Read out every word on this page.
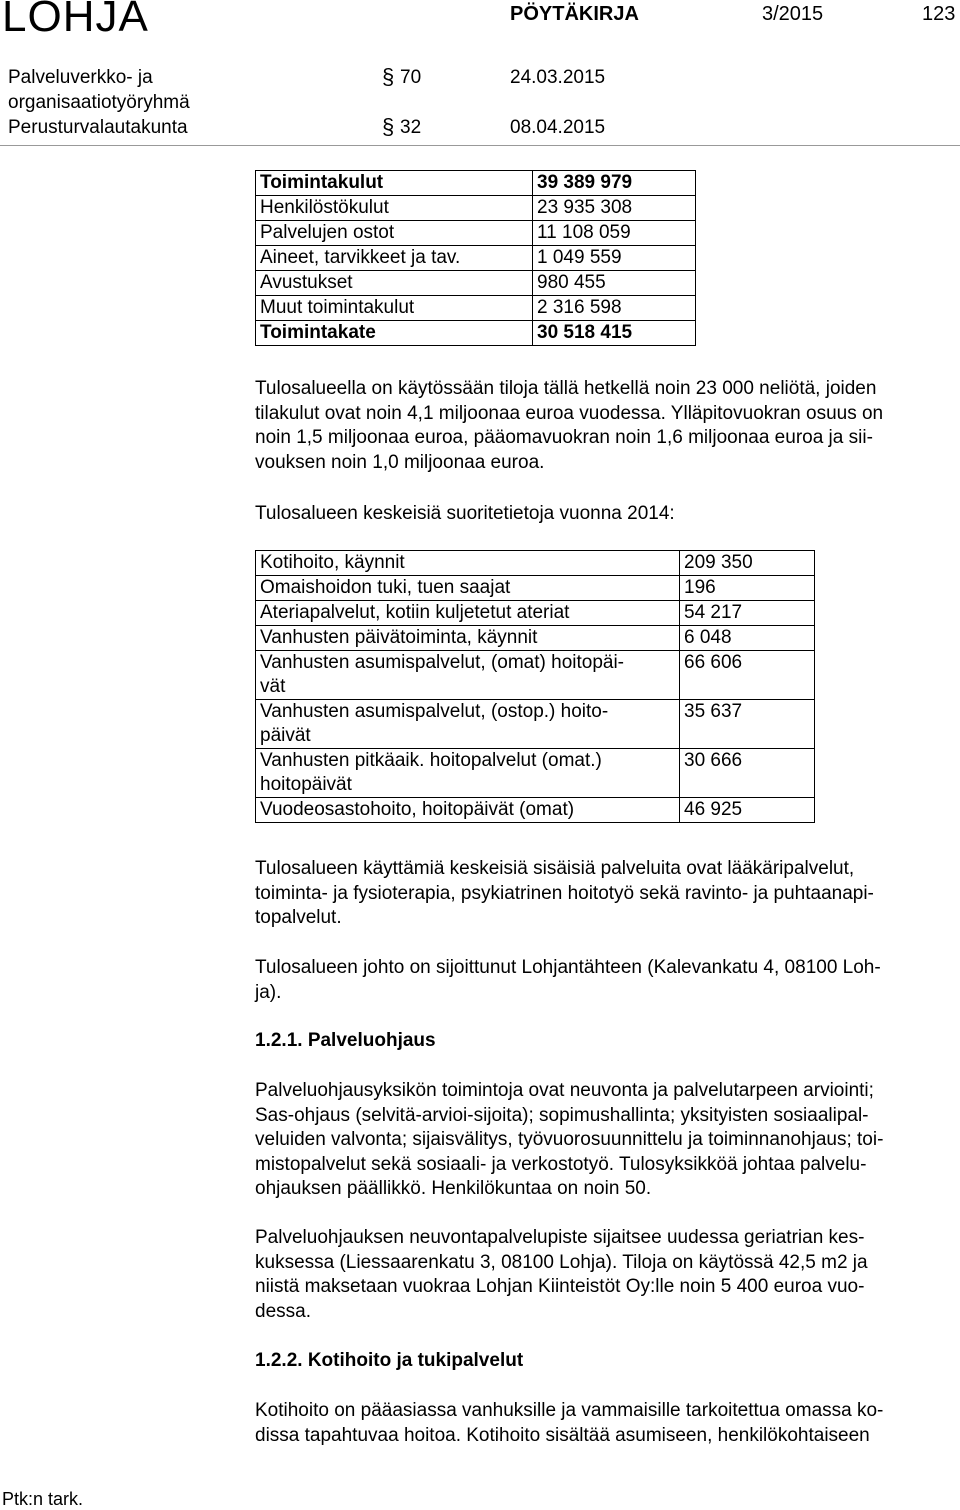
LOHJA	PÖYTÄKIRJA	3/2015	123
Palveluverkko- ja
organisaatiotyöryhmä
§ 70	24.03.2015
Perusturvalautakunta	§ 32	08.04.2015
Toimintakulut	39 389 979
Henkilöstökulut	23 935 308
Palvelujen ostot	11 108 059
Aineet, tarvikkeet ja tav.	1 049 559
Avustukset	980 455
Muut toimintakulut	2 316 598
Toimintakate	30 518 415
Tulosalueella on käytössään tiloja tällä hetkellä noin 23 000 neliötä, joiden
tilakulut ovat noin 4,1 miljoonaa euroa vuodessa. Ylläpitovuokran osuus on
noin 1,5 miljoonaa euroa, pääomavuokran noin 1,6 miljoonaa euroa ja sii-
vouksen noin 1,0 miljoonaa euroa.
Tulosalueen keskeisiä suoritetietoja vuonna 2014:
Kotihoito, käynnit	209 350
Omaishoidon tuki, tuen saajat	196
Ateriapalvelut, kotiin kuljetetut ateriat	54 217
Vanhusten päivätoiminta, käynnit	6 048

Vanhusten asumispalvelut, (omat) hoitopäi-
vät	66 606

Vanhusten asumispalvelut, (ostop.) hoito-
päivät	35 637

Vanhusten pitkäaik. hoitopalvelut (omat.)
hoitopäivät	30 666
Vuodeosastohoito, hoitopäivät (omat)	46 925
Tulosalueen käyttämiä keskeisiä sisäisiä palveluita ovat lääkäripalvelut,
toiminta- ja fysioterapia, psykiatrinen hoitotyö sekä ravinto- ja puhtaanapi-
topalvelut.
Tulosalueen johto on sijoittunut Lohjantähteen (Kalevankatu 4, 08100 Loh-
ja).
1.2.1. Palveluohjaus
Palveluohjausyksikön toimintoja ovat neuvonta ja palvelutarpeen arviointi;
Sas-ohjaus (selvitä-arvioi-sijoita); sopimushallinta; yksityisten sosiaalipal-
veluiden valvonta; sijaisvälitys, työvuorosuunnittelu ja toiminnanohjaus; toi-
mistopalvelut sekä sosiaali- ja verkostotyö. Tulosyksikköä johtaa palvelu-
ohjauksen päällikkö. Henkilökuntaa on noin 50.
Palveluohjauksen neuvontapalvelupiste sijaitsee uudessa geriatrian kes-
kuksessa (Liessaarenkatu 3, 08100 Lohja). Tiloja on käytössä 42,5 m2 ja
niistä maksetaan vuokraa Lohjan Kiinteistöt Oy:lle noin 5 400 euroa vuo-
dessa.
1.2.2. Kotihoito ja tukipalvelut
Kotihoito on pääasiassa vanhuksille ja vammaisille tarkoitettua omassa ko-
dissa tapahtuvaa hoitoa. Kotihoito sisältää asumiseen, henkilökohtaiseen
Ptk:n tark.
